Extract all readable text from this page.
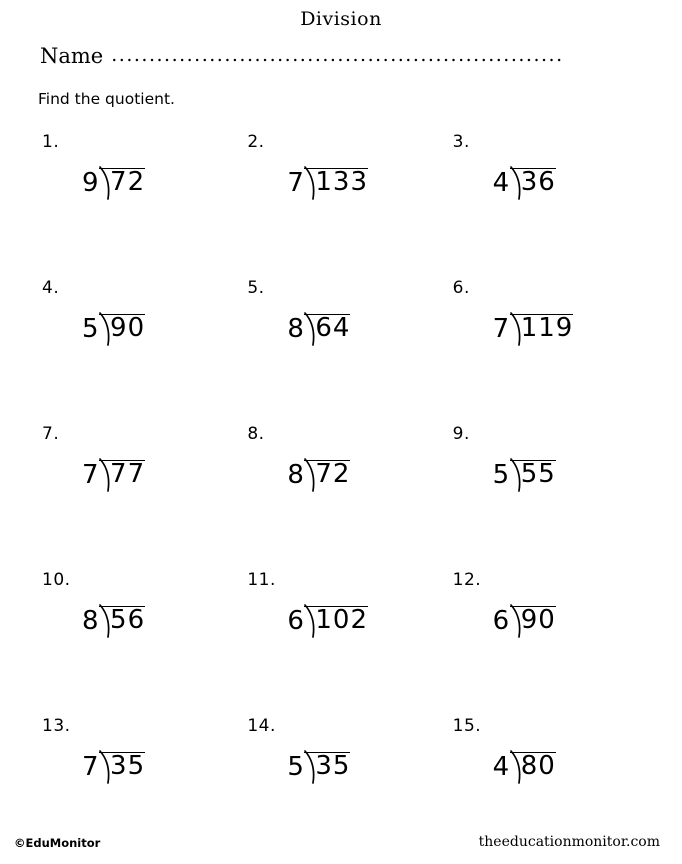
Division
Name ............................................................
Find the quotient.
1.
9 72
2.
7 133
3.
4 36
4.
5 90
5.
8 64
6.
7 119
7.
7 77
8.
8 72
9.
5 55
10.
8 56
11.
6 102
12.
6 90
13.
7 35
14.
5 35
15.
4 80
©EduMonitor	theeducationmonitor.com
